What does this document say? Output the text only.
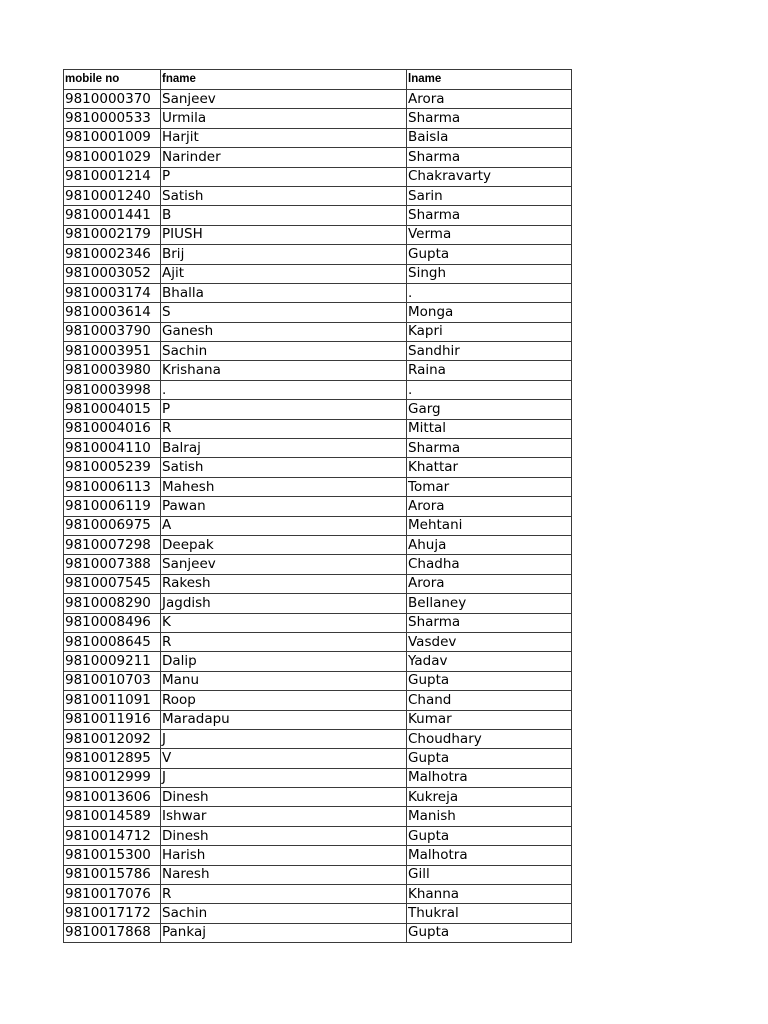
mobile no	fname	lname
9810000370	Sanjeev	Arora
9810000533	Urmila	Sharma
9810001009	Harjit	Baisla
9810001029	Narinder	Sharma
9810001214	P	Chakravarty
9810001240	Satish	Sarin
9810001441	B	Sharma
9810002179	PIUSH	Verma
9810002346	Brij	Gupta
9810003052	Ajit	Singh
9810003174	Bhalla	.
9810003614	S	Monga
9810003790	Ganesh	Kapri
9810003951	Sachin	Sandhir
9810003980	Krishana	Raina
9810003998	.	.
9810004015	P	Garg
9810004016	R	Mittal
9810004110	Balraj	Sharma
9810005239	Satish	Khattar
9810006113	Mahesh	Tomar
9810006119	Pawan	Arora
9810006975	A	Mehtani
9810007298	Deepak	Ahuja
9810007388	Sanjeev	Chadha
9810007545	Rakesh	Arora
9810008290	Jagdish	Bellaney
9810008496	K	Sharma
9810008645	R	Vasdev
9810009211	Dalip	Yadav
9810010703	Manu	Gupta
9810011091	Roop	Chand
9810011916	Maradapu	Kumar
9810012092	J	Choudhary
9810012895	V	Gupta
9810012999	J	Malhotra
9810013606	Dinesh	Kukreja
9810014589	Ishwar	Manish
9810014712	Dinesh	Gupta
9810015300	Harish	Malhotra
9810015786	Naresh	Gill
9810017076	R	Khanna
9810017172	Sachin	Thukral
9810017868	Pankaj	Gupta
